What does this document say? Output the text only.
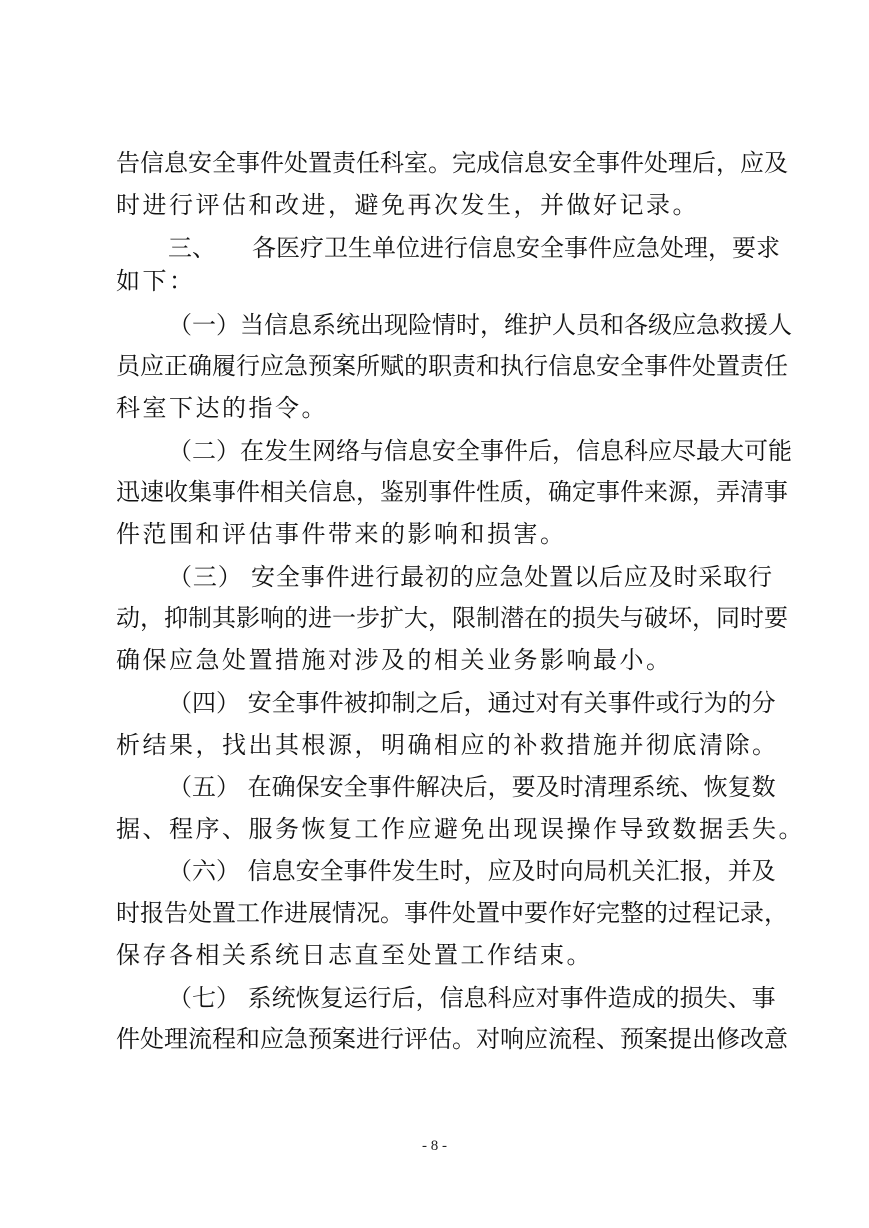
告信息安全事件处置责任科室。完成信息安全事件处理后，应及
时进行评估和改进，避免再次发生，并做好记录。
三、　　各医疗卫生单位进行信息安全事件应急处理，要求
如下：
（一）当信息系统出现险情时，维护人员和各级应急救援人
员应正确履行应急预案所赋的职责和执行信息安全事件处置责任
科室下达的指令。
（二）在发生网络与信息安全事件后，信息科应尽最大可能
迅速收集事件相关信息，鉴别事件性质，确定事件来源，弄清事
件范围和评估事件带来的影响和损害。
（三） 安全事件进行最初的应急处置以后应及时采取行
动，抑制其影响的进一步扩大，限制潜在的损失与破坏，同时要
确保应急处置措施对涉及的相关业务影响最小。
（四） 安全事件被抑制之后，通过对有关事件或行为的分
析结果，找出其根源，明确相应的补救措施并彻底清除。
（五） 在确保安全事件解决后，要及时清理系统、恢复数
据、程序、服务恢复工作应避免出现误操作导致数据丢失。
（六） 信息安全事件发生时，应及时向局机关汇报，并及
时报告处置工作进展情况。事件处置中要作好完整的过程记录，
保存各相关系统日志直至处置工作结束。
（七） 系统恢复运行后，信息科应对事件造成的损失、事
件处理流程和应急预案进行评估。对响应流程、预案提出修改意
- 8 -
